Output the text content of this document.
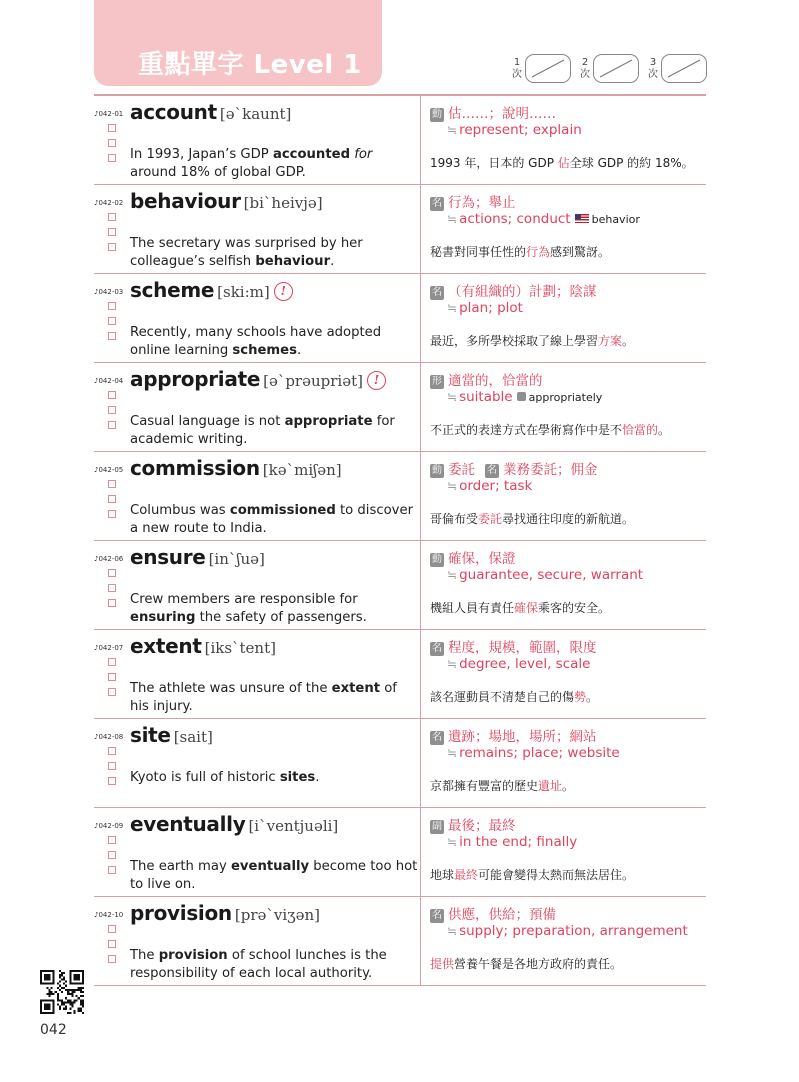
重點單字 Level 1	1
次
2
次
3
次
♪042-01 account [ə`kaunt]
In 1993, Japan’s GDP accounted for around 18% of global GDP.
動 估……；說明……
≒ represent; explain
1993 年，日本的 GDP 佔全球 GDP 的約 18%。
♪042-02 behaviour [bi`heivjə]
The secretary was surprised by her colleague’s selfish behaviour.
名 行為；舉止
≒ actions; conduct behavior
秘書對同事任性的行為感到驚訝。
♪042-03 scheme [ski:m] !
Recently, many schools have adopted online learning schemes.
名 （有組織的）計劃；陰謀
≒ plan; plot
最近，多所學校採取了線上學習方案。
♪042-04 appropriate [ə`prəupriət] !
Casual language is not appropriate for academic writing.
形 適當的，恰當的
≒ suitable appropriately
不正式的表達方式在學術寫作中是不恰當的。
♪042-05 commission [kə`miʃən]
Columbus was commissioned to discover a new route to India.
動 委託 名 業務委託；佣金
≒ order; task
哥倫布受委託尋找通往印度的新航道。
♪042-06 ensure [in`ʃuə]
Crew members are responsible for ensuring the safety of passengers.
動 確保，保證
≒ guarantee, secure, warrant
機組人員有責任確保乘客的安全。
♪042-07 extent [iks`tent]
The athlete was unsure of the extent of his injury.
名 程度，規模，範圍，限度
≒ degree, level, scale
該名運動員不清楚自己的傷勢。
♪042-08 site [sait]
Kyoto is full of historic sites.
名 遺跡；場地，場所；網站
≒ remains; place; website
京都擁有豐富的歷史遺址。
♪042-09 eventually [i`ventjuəli]
The earth may eventually become too hot to live on.
副 最後；最終
≒ in the end; finally
地球最終可能會變得太熱而無法居住。
♪042-10 provision [prə`viʒən]
The provision of school lunches is the responsibility of each local authority.
名 供應，供給；預備
≒ supply; preparation, arrangement
提供營養午餐是各地方政府的責任。
042
